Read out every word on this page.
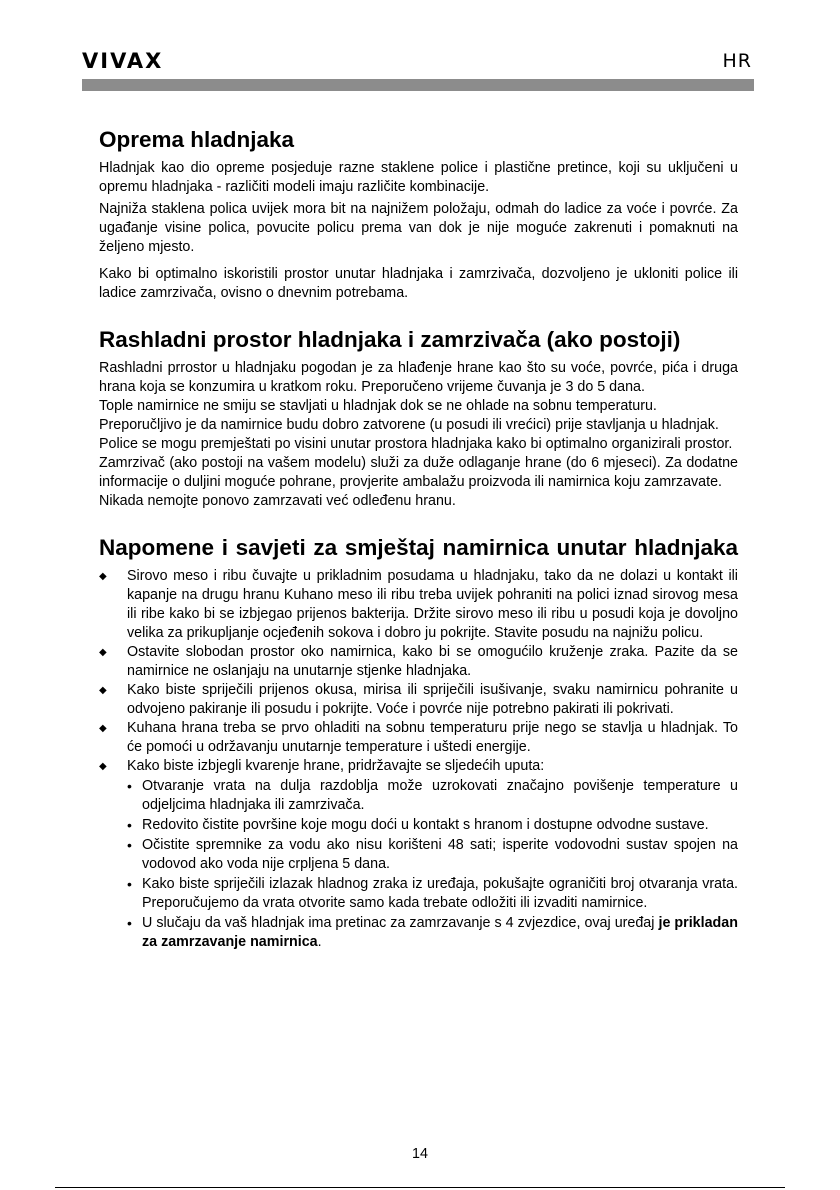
VIVAX	HR
Oprema hladnjaka

Hladnjak kao dio opreme posjeduje razne staklene police i plastične pretince, koji su uključeni u opremu hladnjaka - različiti modeli imaju različite kombinacije.

Najniža staklena polica uvijek mora bit na najnižem položaju, odmah do ladice za voće i povrće. Za ugađanje visine polica, povucite policu prema van dok je nije moguće zakrenuti i pomaknuti na željeno mjesto.

Kako bi optimalno iskoristili prostor unutar hladnjaka i zamrzivača, dozvoljeno je ukloniti police ili ladice zamrzivača, ovisno o dnevnim potrebama.

Rashladni prostor hladnjaka i zamrzivača (ako postoji)

Rashladni prrostor u hladnjaku pogodan je za hlađenje hrane kao što su voće, povrće, pića i druga hrana koja se konzumira u kratkom roku. Preporučeno vrijeme čuvanja je 3 do 5 dana.

Tople namirnice ne smiju se stavljati u hladnjak dok se ne ohlade na sobnu temperaturu.

Preporučljivo je da namirnice budu dobro zatvorene (u posudi ili vrećici) prije stavljanja u hladnjak.

Police se mogu premještati po visini unutar prostora hladnjaka kako bi optimalno organizirali prostor.

Zamrzivač (ako postoji na vašem modelu) služi za duže odlaganje hrane (do 6 mjeseci). Za dodatne informacije o duljini moguće pohrane, provjerite ambalažu proizvoda ili namirnica koju zamrzavate.

Nikada nemojte ponovo zamrzavati već odleđenu hranu.

Napomene i savjeti za smještaj namirnica unutar hladnjaka
◆ Sirovo meso i ribu čuvajte u prikladnim posudama u hladnjaku, tako da ne dolazi u kontakt ili kapanje na drugu hranu Kuhano meso ili ribu treba uvijek pohraniti na polici iznad sirovog mesa ili ribe kako bi se izbjegao prijenos bakterija. Držite sirovo meso ili ribu u posudi koja je dovoljno velika za prikupljanje ocjeđenih sokova i dobro ju pokrijte. Stavite posudu na najnižu policu.
◆ Ostavite slobodan prostor oko namirnica, kako bi se omogućilo kruženje zraka. Pazite da se namirnice ne oslanjaju na unutarnje stjenke hladnjaka.
◆ Kako biste spriječili prijenos okusa, mirisa ili spriječili isušivanje, svaku namirnicu pohranite u odvojeno pakiranje ili posudu i pokrijte. Voće i povrće nije potrebno pakirati ili pokrivati.
◆ Kuhana hrana treba se prvo ohladiti na sobnu temperaturu prije nego se stavlja u hladnjak. To će pomoći u održavanju unutarnje temperature i uštedi energije.
◆ Kako biste izbjegli kvarenje hrane, pridržavajte se sljedećih uputa:
• Otvaranje vrata na dulja razdoblja može uzrokovati značajno povišenje temperature u odjeljcima hladnjaka ili zamrzivača.
• Redovito čistite površine koje mogu doći u kontakt s hranom i dostupne odvodne sustave.
• Očistite spremnike za vodu ako nisu korišteni 48 sati; isperite vodovodni sustav spojen na vodovod ako voda nije crpljena 5 dana.
• Kako biste spriječili izlazak hladnog zraka iz uređaja, pokušajte ograničiti broj otvaranja vrata. Preporučujemo da vrata otvorite samo kada trebate odložiti ili izvaditi namirnice.
• U slučaju da vaš hladnjak ima pretinac za zamrzavanje s 4 zvjezdice, ovaj uređaj je prikladan za zamrzavanje namirnica.
14
